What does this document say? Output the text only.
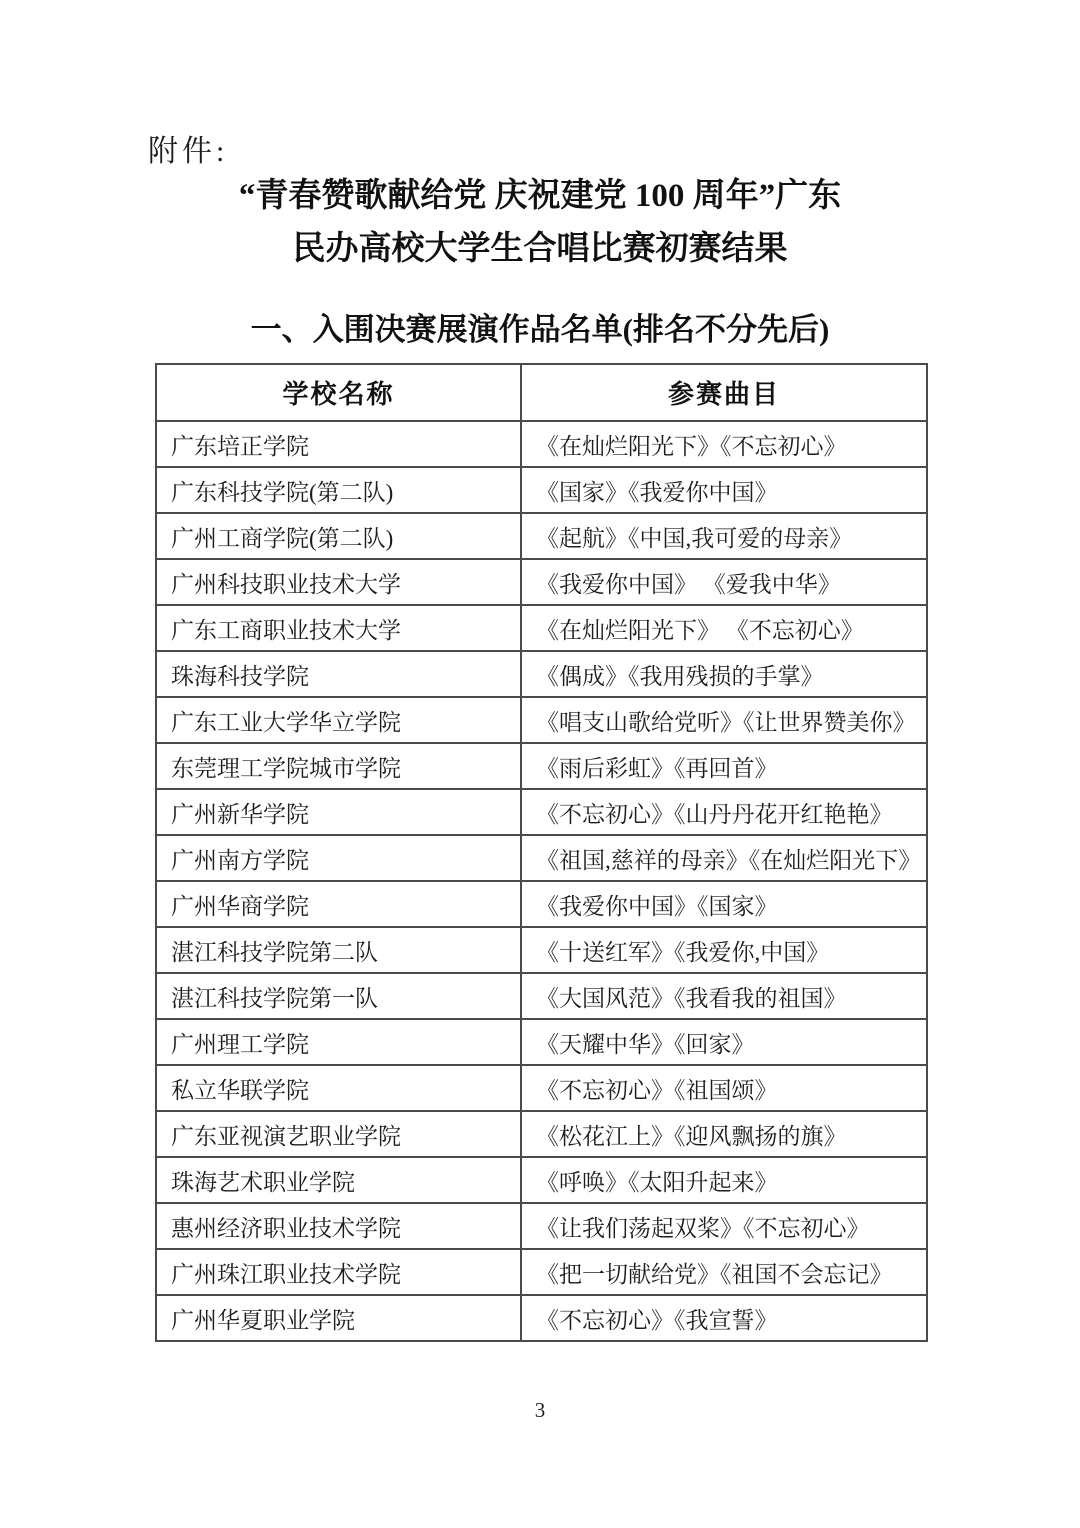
附件:
“青春赞歌献给党 庆祝建党 100 周年”广东
民办高校大学生合唱比赛初赛结果
一、入围决赛展演作品名单(排名不分先后)
学校名称	参赛曲目
广东培正学院	《在灿烂阳光下》《不忘初心》
广东科技学院(第二队)	《国家》《我爱你中国》
广州工商学院(第二队)	《起航》《中国,我可爱的母亲》
广州科技职业技术大学	《我爱你中国》 《爱我中华》
广东工商职业技术大学	《在灿烂阳光下》 《不忘初心》
珠海科技学院	《偶成》《我用残损的手掌》
广东工业大学华立学院	《唱支山歌给党听》《让世界赞美你》
东莞理工学院城市学院	《雨后彩虹》《再回首》
广州新华学院	《不忘初心》《山丹丹花开红艳艳》
广州南方学院	《祖国,慈祥的母亲》《在灿烂阳光下》
广州华商学院	《我爱你中国》《国家》
湛江科技学院第二队	《十送红军》《我爱你,中国》
湛江科技学院第一队	《大国风范》《我看我的祖国》
广州理工学院	《天耀中华》《回家》
私立华联学院	《不忘初心》《祖国颂》
广东亚视演艺职业学院	《松花江上》《迎风飘扬的旗》
珠海艺术职业学院	《呼唤》《太阳升起来》
惠州经济职业技术学院	《让我们荡起双桨》《不忘初心》
广州珠江职业技术学院	《把一切献给党》《祖国不会忘记》
广州华夏职业学院	《不忘初心》《我宣誓》
3
